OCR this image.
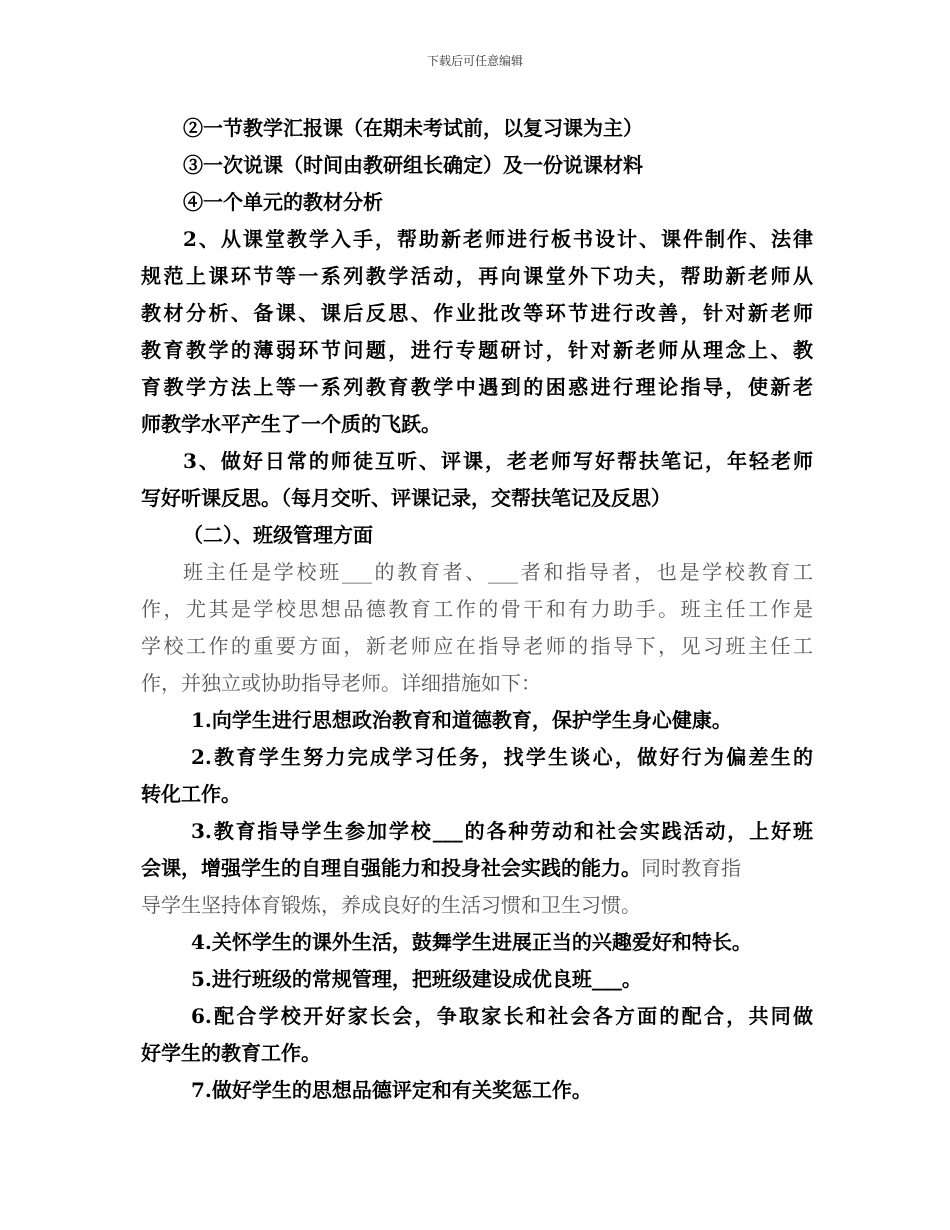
下载后可任意编辑
②一节教学汇报课（在期未考试前，以复习课为主）
③一次说课（时间由教研组长确定）及一份说课材料
④一个单元的教材分析
2、从课堂教学入手，帮助新老师进行板书设计、课件制作、法律
规范上课环节等一系列教学活动，再向课堂外下功夫，帮助新老师从
教材分析、备课、课后反思、作业批改等环节进行改善，针对新老师
教育教学的薄弱环节问题，进行专题研讨，针对新老师从理念上、教
育教学方法上等一系列教育教学中遇到的困惑进行理论指导，使新老
师教学水平产生了一个质的飞跃。
3、做好日常的师徒互听、评课，老老师写好帮扶笔记，年轻老师
写好听课反思。（每月交听、评课记录，交帮扶笔记及反思）
（二）、班级管理方面
班主任是学校班___的教育者、___者和指导者，也是学校教育工
作，尤其是学校思想品德教育工作的骨干和有力助手。班主任工作是
学校工作的重要方面，新老师应在指导老师的指导下，见习班主任工
作，并独立或协助指导老师。详细措施如下：
1.向学生进行思想政治教育和道德教育，保护学生身心健康。
2.教育学生努力完成学习任务，找学生谈心，做好行为偏差生的
转化工作。
3.教育指导学生参加学校___的各种劳动和社会实践活动，上好班
会课，增强学生的自理自强能力和投身社会实践的能力。同时教育指
导学生坚持体育锻炼，养成良好的生活习惯和卫生习惯。
4.关怀学生的课外生活，鼓舞学生进展正当的兴趣爱好和特长。
5.进行班级的常规管理，把班级建设成优良班___。
6.配合学校开好家长会，争取家长和社会各方面的配合，共同做
好学生的教育工作。
7.做好学生的思想品德评定和有关奖惩工作。
